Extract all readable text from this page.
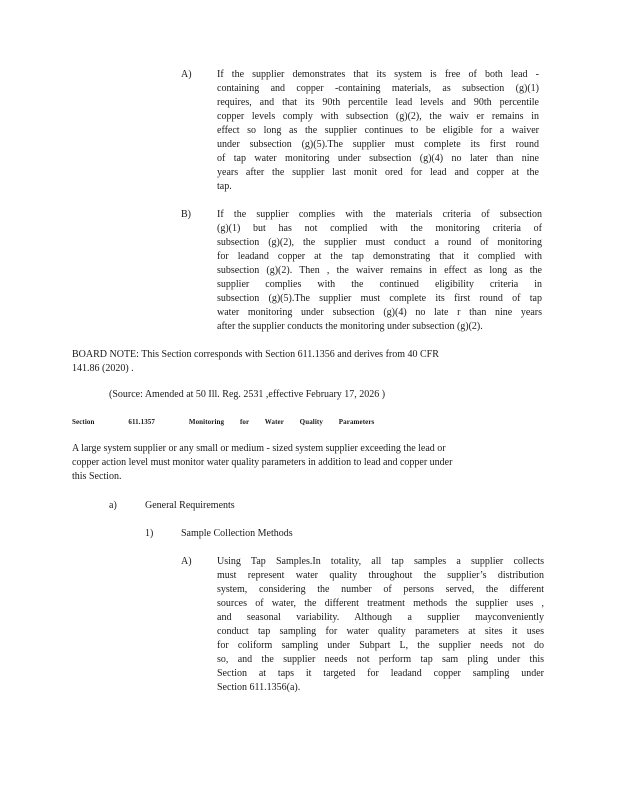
A)	If the supplier demonstrates that its system is free of both lead -
containing and copper -containing materials, as subsection (g)(1)
requires, and that its 90th percentile lead levels and 90th percentile
copper levels comply with subsection (g)(2), the waiv er remains in
effect so long as the supplier continues to be eligible for a waiver
under subsection (g)(5).The supplier must complete its first round
of tap water monitoring under subsection (g)(4) no later than nine
years after the supplier last monit ored for lead and copper at the
tap.
B)	If the supplier complies with the materials criteria of subsection
(g)(1) but has not complied with the monitoring criteria of
subsection (g)(2), the supplier must conduct a round of monitoring
for leadand copper at the tap demonstrating that it complied with
subsection (g)(2). Then , the waiver remains in effect as long as the
supplier complies with the continued eligibility criteria in
subsection (g)(5).The supplier must complete its first round of tap
water monitoring under subsection (g)(4) no late r than nine years
after the supplier conducts the monitoring under subsection (g)(2).
BOARD NOTE: This Section corresponds with Section 611.1356 and derives from 40 CFR
141.86 (2020) .
(Source: Amended at 50 Ill. Reg. 2531 ,effective February 17, 2026 )
Section	611.1357	Monitoring for Water Quality Parameters
A large system supplier or any small or medium - sized system supplier exceeding the lead or
copper action level must monitor water quality parameters in addition to lead and copper under
this Section.
a)	General Requirements
1)	Sample Collection Methods
A)	Using Tap Samples.In totality, all tap samples a supplier collects
must represent water quality throughout the supplier’s distribution
system, considering the number of persons served, the different
sources of water, the different treatment methods the supplier uses ,
and seasonal variability. Although a supplier mayconveniently
conduct tap sampling for water quality parameters at sites it uses
for coliform sampling under Subpart L, the supplier needs not do
so, and the supplier needs not perform tap sam pling under this
Section at taps it targeted for leadand copper sampling under
Section 611.1356(a).
